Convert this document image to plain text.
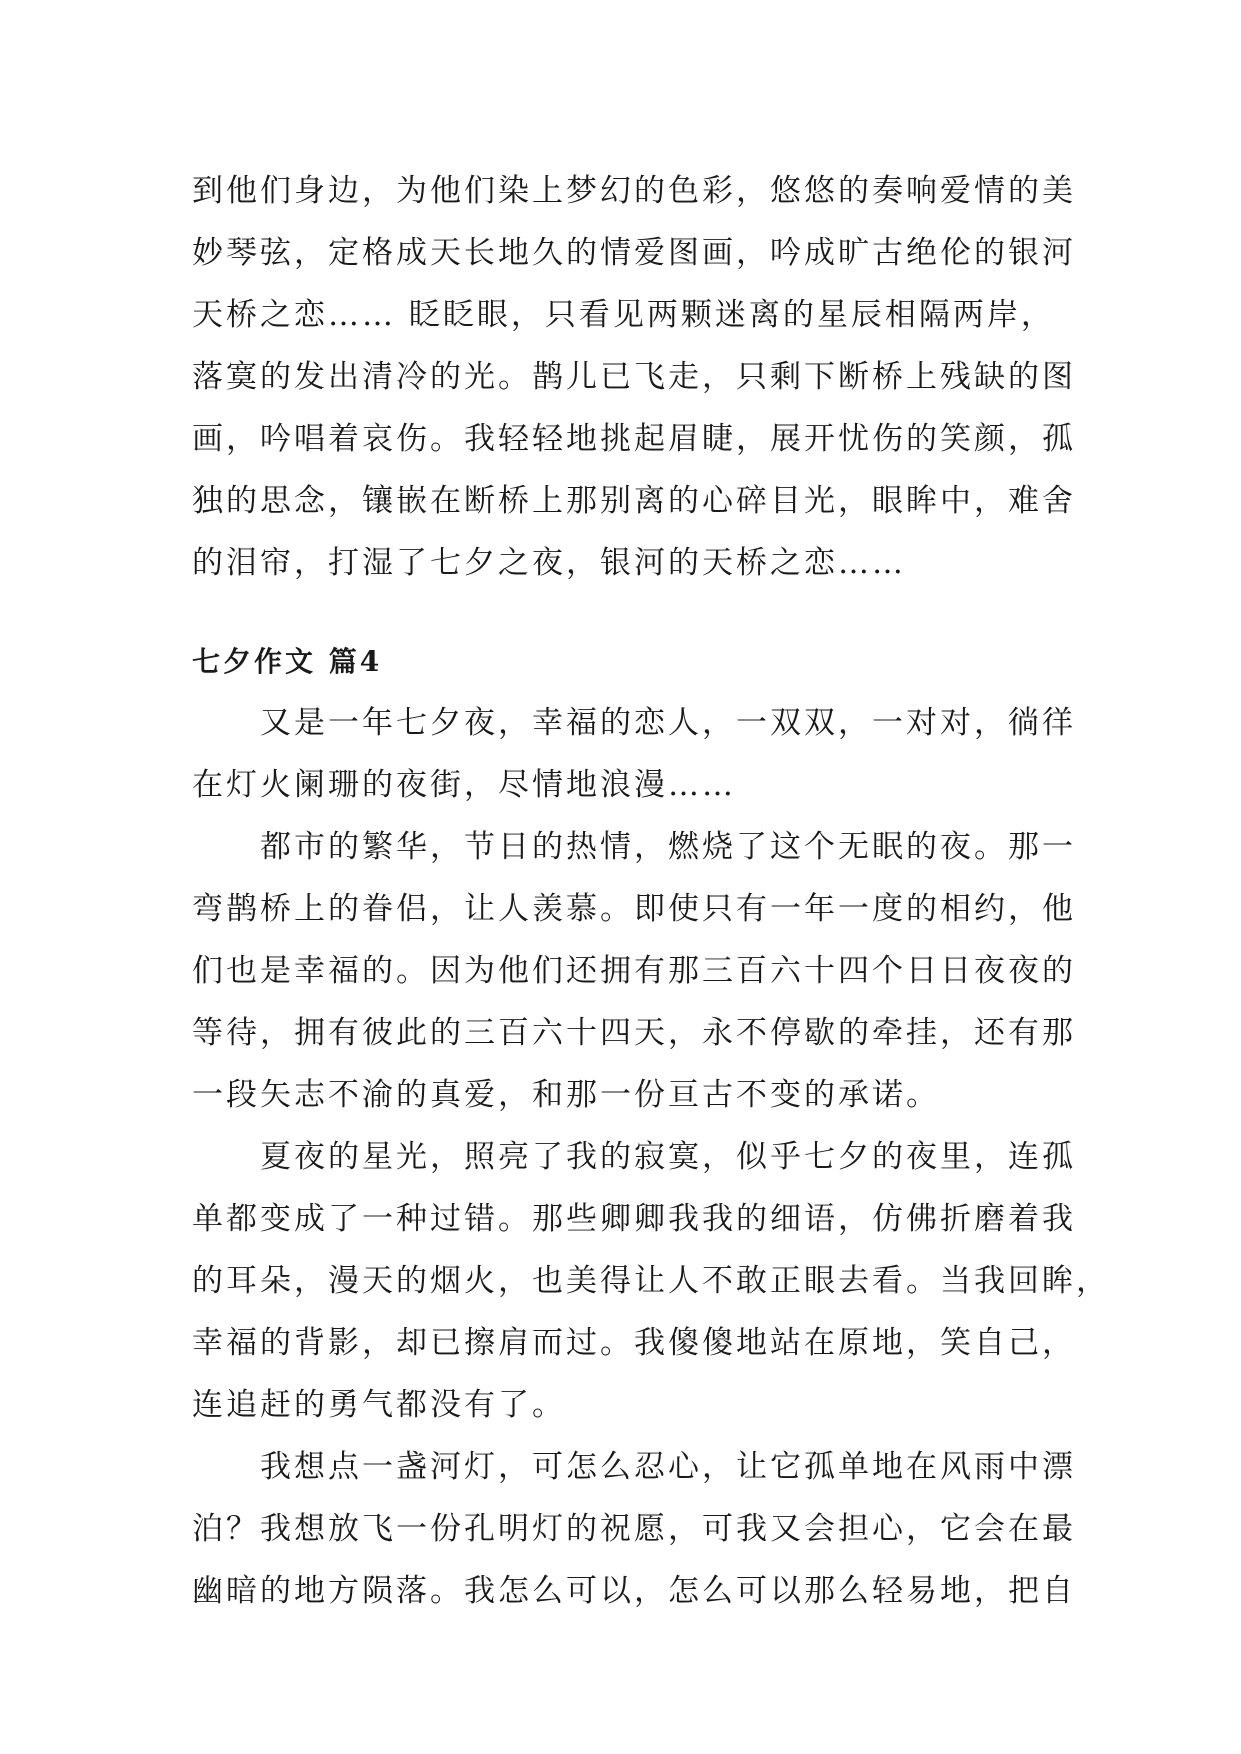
到他们身边，为他们染上梦幻的色彩，悠悠的奏响爱情的美

妙琴弦，定格成天长地久的情爱图画，吟成旷古绝伦的银河

天桥之恋…… 眨眨眼，只看见两颗迷离的星辰相隔两岸，

落寞的发出清冷的光。鹊儿已飞走，只剩下断桥上残缺的图

画，吟唱着哀伤。我轻轻地挑起眉睫，展开忧伤的笑颜，孤

独的思念，镶嵌在断桥上那别离的心碎目光，眼眸中，难舍

的泪帘，打湿了七夕之夜，银河的天桥之恋……

七夕作文 篇4

又是一年七夕夜，幸福的恋人，一双双，一对对，徜徉

在灯火阑珊的夜街，尽情地浪漫……

都市的繁华，节日的热情，燃烧了这个无眠的夜。那一

弯鹊桥上的眷侣，让人羡慕。即使只有一年一度的相约，他

们也是幸福的。因为他们还拥有那三百六十四个日日夜夜的

等待，拥有彼此的三百六十四天，永不停歇的牵挂，还有那

一段矢志不渝的真爱，和那一份亘古不变的承诺。

夏夜的星光，照亮了我的寂寞，似乎七夕的夜里，连孤

单都变成了一种过错。那些卿卿我我的细语，仿佛折磨着我

的耳朵，漫天的烟火，也美得让人不敢正眼去看。当我回眸，

幸福的背影，却已擦肩而过。我傻傻地站在原地，笑自己，

连追赶的勇气都没有了。

我想点一盏河灯，可怎么忍心，让它孤单地在风雨中漂

泊？我想放飞一份孔明灯的祝愿，可我又会担心，它会在最

幽暗的地方陨落。我怎么可以，怎么可以那么轻易地，把自
